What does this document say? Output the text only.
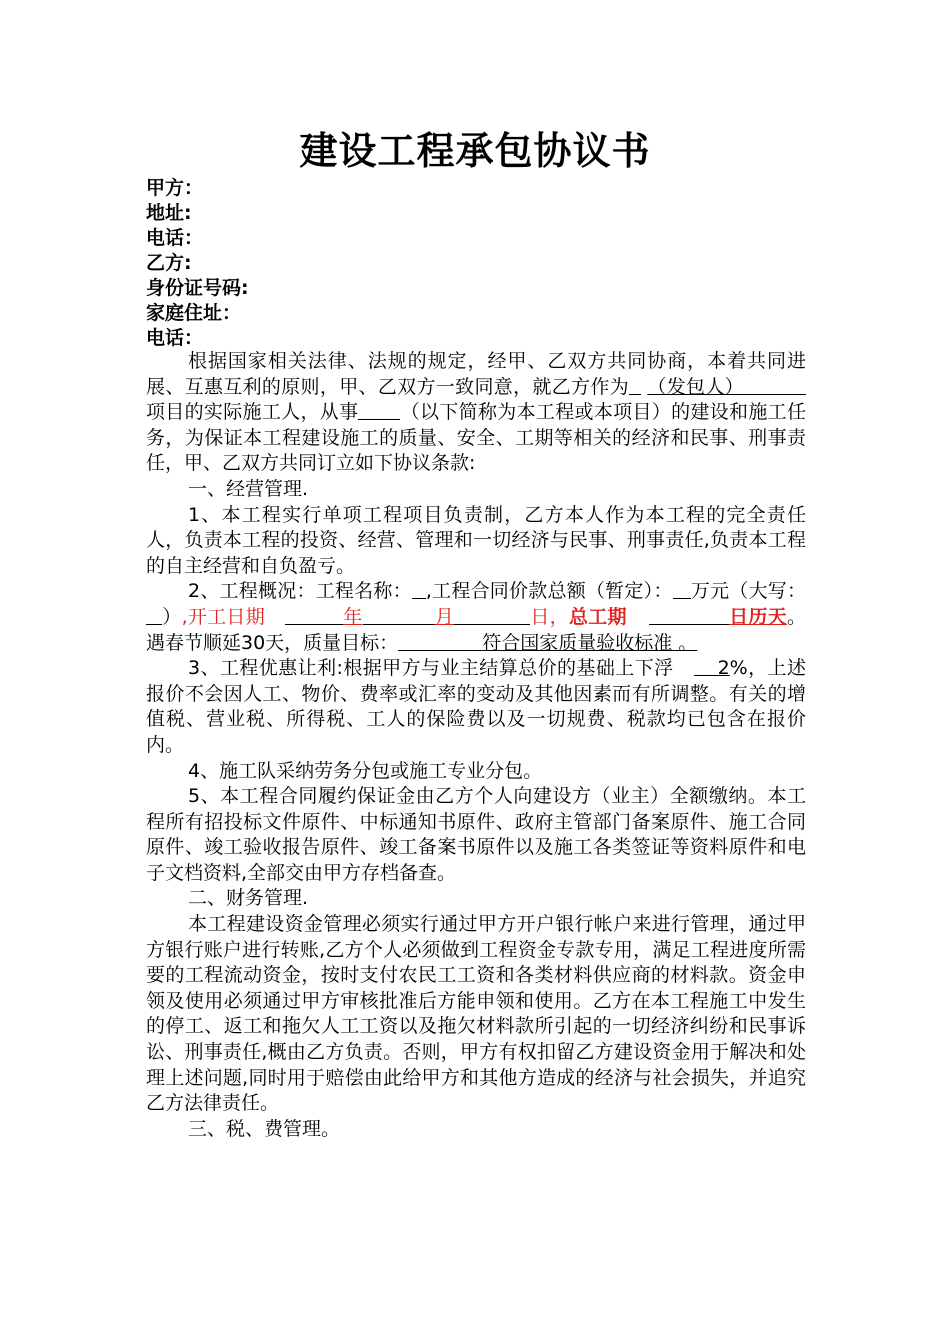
建设工程承包协议书
甲方：
地址:
电话：
乙方:
身份证号码:
家庭住址：
电话：

根据国家相关法律、法规的规定，经甲、乙双方共同协商，本着共同进展、互惠互利的原则，甲、乙双方一致同意，就乙方作为 （发包人）项目的实际施工人，从事 （以下简称为本工程或本项目）的建设和施工任务，为保证本工程建设施工的质量、安全、工期等相关的经济和民事、刑事责任，甲、乙双方共同订立如下协议条款:

一、经营管理.

1、本工程实行单项工程项目负责制，乙方本人作为本工程的完全责任人，负责本工程的投资、经营、管理和一切经济与民事、刑事责任,负责本工程的自主经营和自负盈亏。

2、工程概况：工程名称： ,工程合同价款总额（暂定）： 万元（大写：）,开工日期	年	月	日，总工期	日历天。遇春节顺延30天，质量目标：	符合国家质量验收标准 。

3、工程优惠让利:根据甲方与业主结算总价的基础上下浮 2%，上述报价不会因人工、物价、费率或汇率的变动及其他因素而有所调整。有关的增值税、营业税、所得税、工人的保险费以及一切规费、税款均已包含在报价内。

4、施工队采纳劳务分包或施工专业分包。

5、本工程合同履约保证金由乙方个人向建设方（业主）全额缴纳。本工程所有招投标文件原件、中标通知书原件、政府主管部门备案原件、施工合同原件、竣工验收报告原件、竣工备案书原件以及施工各类签证等资料原件和电子文档资料,全部交由甲方存档备查。

二、财务管理.

本工程建设资金管理必须实行通过甲方开户银行帐户来进行管理，通过甲方银行账户进行转账,乙方个人必须做到工程资金专款专用，满足工程进度所需要的工程流动资金，按时支付农民工工资和各类材料供应商的材料款。资金申领及使用必须通过甲方审核批准后方能申领和使用。乙方在本工程施工中发生的停工、返工和拖欠人工工资以及拖欠材料款所引起的一切经济纠纷和民事诉讼、刑事责任,概由乙方负责。否则，甲方有权扣留乙方建设资金用于解决和处理上述问题,同时用于赔偿由此给甲方和其他方造成的经济与社会损失，并追究乙方法律责任。

三、税、费管理。
